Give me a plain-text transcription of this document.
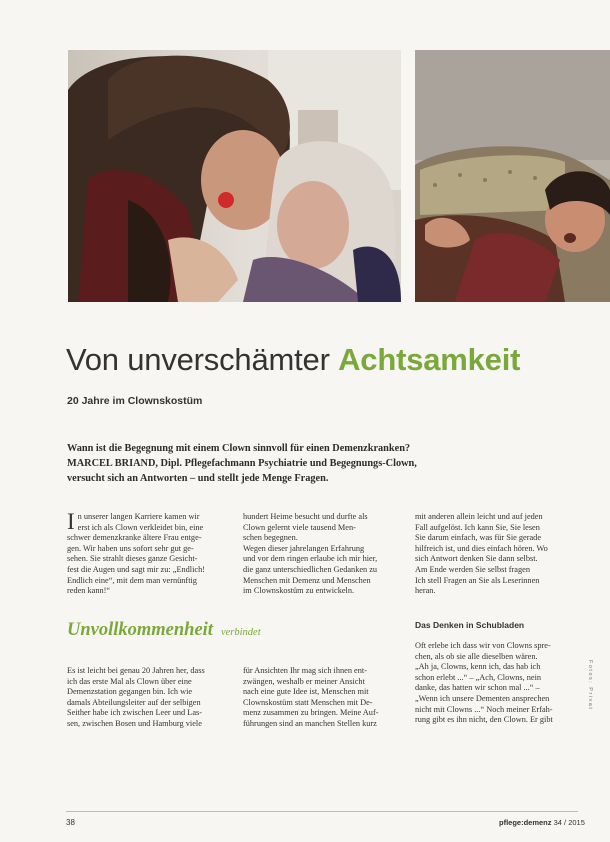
Von unverschämter Achtsamkeit
20 Jahre im Clownskostüm
Wann ist die Begegnung mit einem Clown sinnvoll für einen Demenzkranken?
MARCEL BRIAND, Dipl. Pflegefachmann Psychiatrie und Begegnungs-Clown,
versucht sich an Antworten – und stellt jede Menge Fragen.
I n unserer langen Karriere kamen wir
erst ich als Clown verkleidet bin, eine
schwer demenzkranke ältere Frau entge-
gen. Wir haben uns sofort sehr gut ge-
sehen. Sie strahlt dieses ganze Gesicht-
fest die Augen und sagt mir zu: „Endlich!
Endlich eine“, mit dem man vernünftig
reden kann!“
hundert Heime besucht und durfte als
Clown gelernt viele tausend Men-
schen begegnen.
Wegen dieser jahrelangen Erfahrung
und vor dem ringen erlaube ich mir hier,
die ganz unterschiedlichen Gedanken zu
Menschen mit Demenz und Menschen
im Clownskostüm zu entwickeln.
mit anderen allein leicht und auf jeden
Fall aufgelöst. Ich kann Sie, Sie lesen
Sie darum einfach, was für Sie gerade
hilfreich ist, und dies einfach hören. Wo
sich Antwort denken Sie dann selbst.
Am Ende werden Sie selbst fragen
Ich stell Fragen an Sie als Leserinnen
heran.
Unvollkommenheit verbindet
Das Denken in Schubladen
Es ist leicht bei genau 20 Jahren her, dass
ich das erste Mal als Clown über eine
Demenzstation gegangen bin. Ich wie
damals Abteilungsleiter auf der selbigen
Seither habe ich zwischen Leer und Las-
sen, zwischen Bosen und Hamburg viele
für Ansichten Ihr mag sich ihnen ent-
zwängen, weshalb er meiner Ansicht
nach eine gute Idee ist, Menschen mit
Clownskostüm statt Menschen mit De-
menz zusammen zu bringen. Meine Auf-
führungen sind an manchen Stellen kurz
Oft erlebe ich dass wir von Clowns spre-
chen, als ob sie alle dieselben wären.
„Ah ja, Clowns, kenn ich, das hab ich
schon erlebt ...“ – „Ach, Clowns, nein
danke, das hatten wir schon mal ...“ –
„Wenn ich unsere Dementen ansprechen
nicht mit Clowns ...“ Noch meiner Erfah-
rung gibt es ihn nicht, den Clown. Er gibt
Fotos: Privat
38	pflege:demenz 34 / 2015
